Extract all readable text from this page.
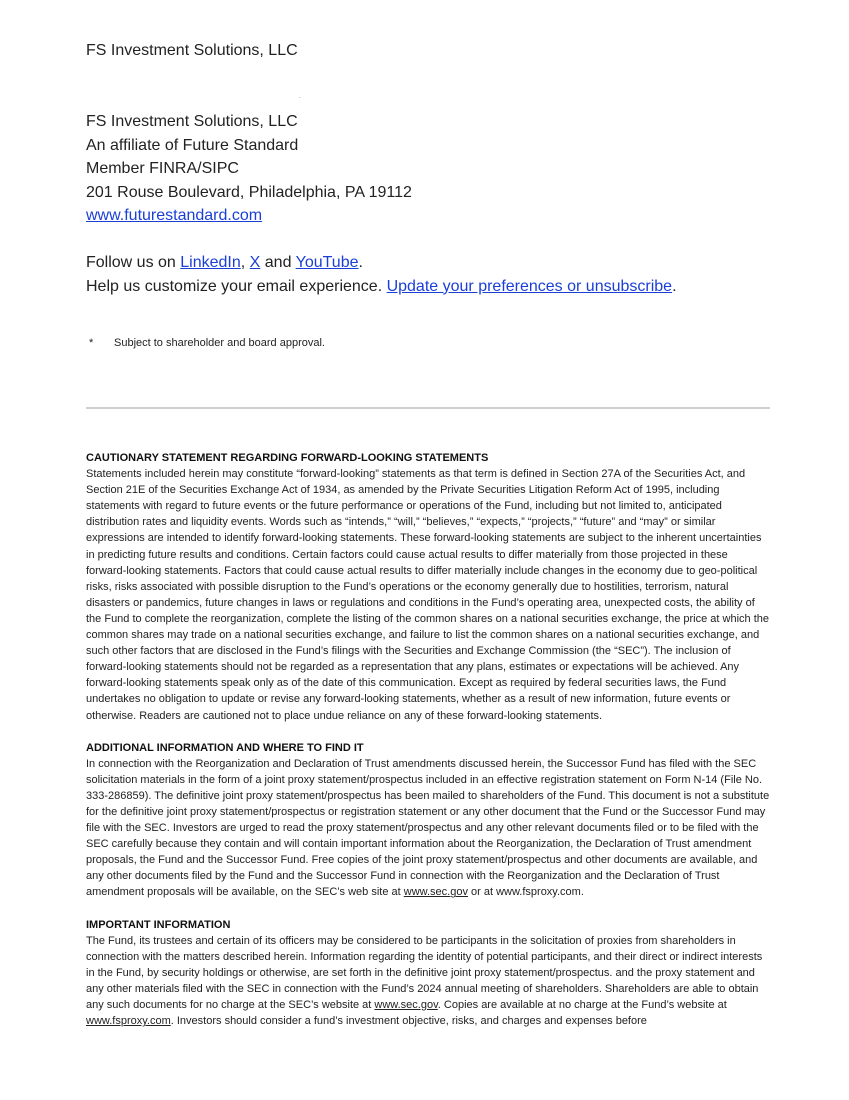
FS Investment Solutions, LLC
.
FS Investment Solutions, LLC
An affiliate of Future Standard
Member FINRA/SIPC
201 Rouse Boulevard, Philadelphia, PA 19112
www.futurestandard.com
Follow us on LinkedIn, X and YouTube.
Help us customize your email experience. Update your preferences or unsubscribe.
* Subject to shareholder and board approval.
CAUTIONARY STATEMENT REGARDING FORWARD-LOOKING STATEMENTS

Statements included herein may constitute “forward-looking” statements as that term is defined in Section 27A of the Securities Act, and Section 21E of the Securities Exchange Act of 1934, as amended by the Private Securities Litigation Reform Act of 1995, including statements with regard to future events or the future performance or operations of the Fund, including but not limited to, anticipated distribution rates and liquidity events. Words such as “intends,” “will,” “believes,” “expects,” “projects,” “future” and “may” or similar expressions are intended to identify forward-looking statements. These forward-looking statements are subject to the inherent uncertainties in predicting future results and conditions. Certain factors could cause actual results to differ materially from those projected in these forward-looking statements. Factors that could cause actual results to differ materially include changes in the economy due to geo-political risks, risks associated with possible disruption to the Fund’s operations or the economy generally due to hostilities, terrorism, natural disasters or pandemics, future changes in laws or regulations and conditions in the Fund’s operating area, unexpected costs, the ability of the Fund to complete the reorganization, complete the listing of the common shares on a national securities exchange, the price at which the common shares may trade on a national securities exchange, and failure to list the common shares on a national securities exchange, and such other factors that are disclosed in the Fund’s filings with the Securities and Exchange Commission (the “SEC”). The inclusion of forward-looking statements should not be regarded as a representation that any plans, estimates or expectations will be achieved. Any forward-looking statements speak only as of the date of this communication. Except as required by federal securities laws, the Fund undertakes no obligation to update or revise any forward-looking statements, whether as a result of new information, future events or otherwise. Readers are cautioned not to place undue reliance on any of these forward-looking statements.

ADDITIONAL INFORMATION AND WHERE TO FIND IT

In connection with the Reorganization and Declaration of Trust amendments discussed herein, the Successor Fund has filed with the SEC solicitation materials in the form of a joint proxy statement/prospectus included in an effective registration statement on Form N-14 (File No. 333-286859). The definitive joint proxy statement/prospectus has been mailed to shareholders of the Fund. This document is not a substitute for the definitive joint proxy statement/prospectus or registration statement or any other document that the Fund or the Successor Fund may file with the SEC. Investors are urged to read the proxy statement/prospectus and any other relevant documents filed or to be filed with the SEC carefully because they contain and will contain important information about the Reorganization, the Declaration of Trust amendment proposals, the Fund and the Successor Fund. Free copies of the joint proxy statement/prospectus and other documents are available, and any other documents filed by the Fund and the Successor Fund in connection with the Reorganization and the Declaration of Trust amendment proposals will be available, on the SEC’s web site at www.sec.gov or at www.fsproxy.com.

IMPORTANT INFORMATION

The Fund, its trustees and certain of its officers may be considered to be participants in the solicitation of proxies from shareholders in connection with the matters described herein. Information regarding the identity of potential participants, and their direct or indirect interests in the Fund, by security holdings or otherwise, are set forth in the definitive joint proxy statement/prospectus. and the proxy statement and any other materials filed with the SEC in connection with the Fund’s 2024 annual meeting of shareholders. Shareholders are able to obtain any such documents for no charge at the SEC’s website at www.sec.gov. Copies are available at no charge at the Fund’s website at www.fsproxy.com. Investors should consider a fund’s investment objective, risks, and charges and expenses before
